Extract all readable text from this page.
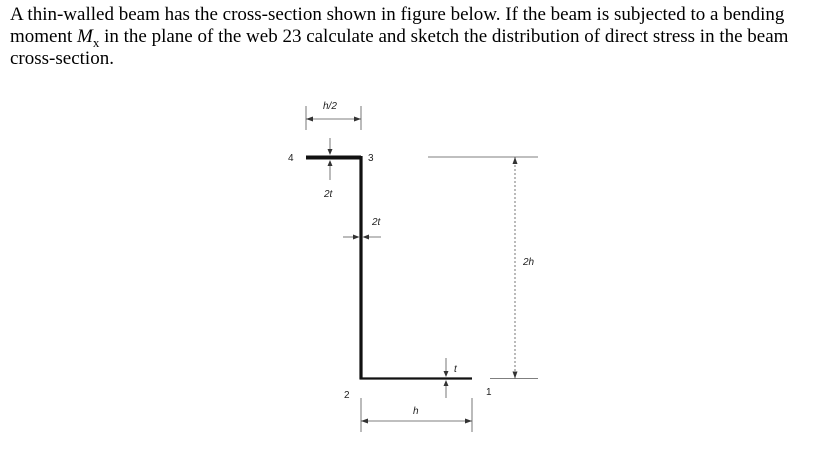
A thin-walled beam has the cross-section shown in figure below. If the beam is subjected to a bending moment $M_x$ in the plane of the web 23 calculate and sketch the distribution of direct stress in the beam cross-section.
h/2
4	3
2	1
2t
2t
2h
t
h
